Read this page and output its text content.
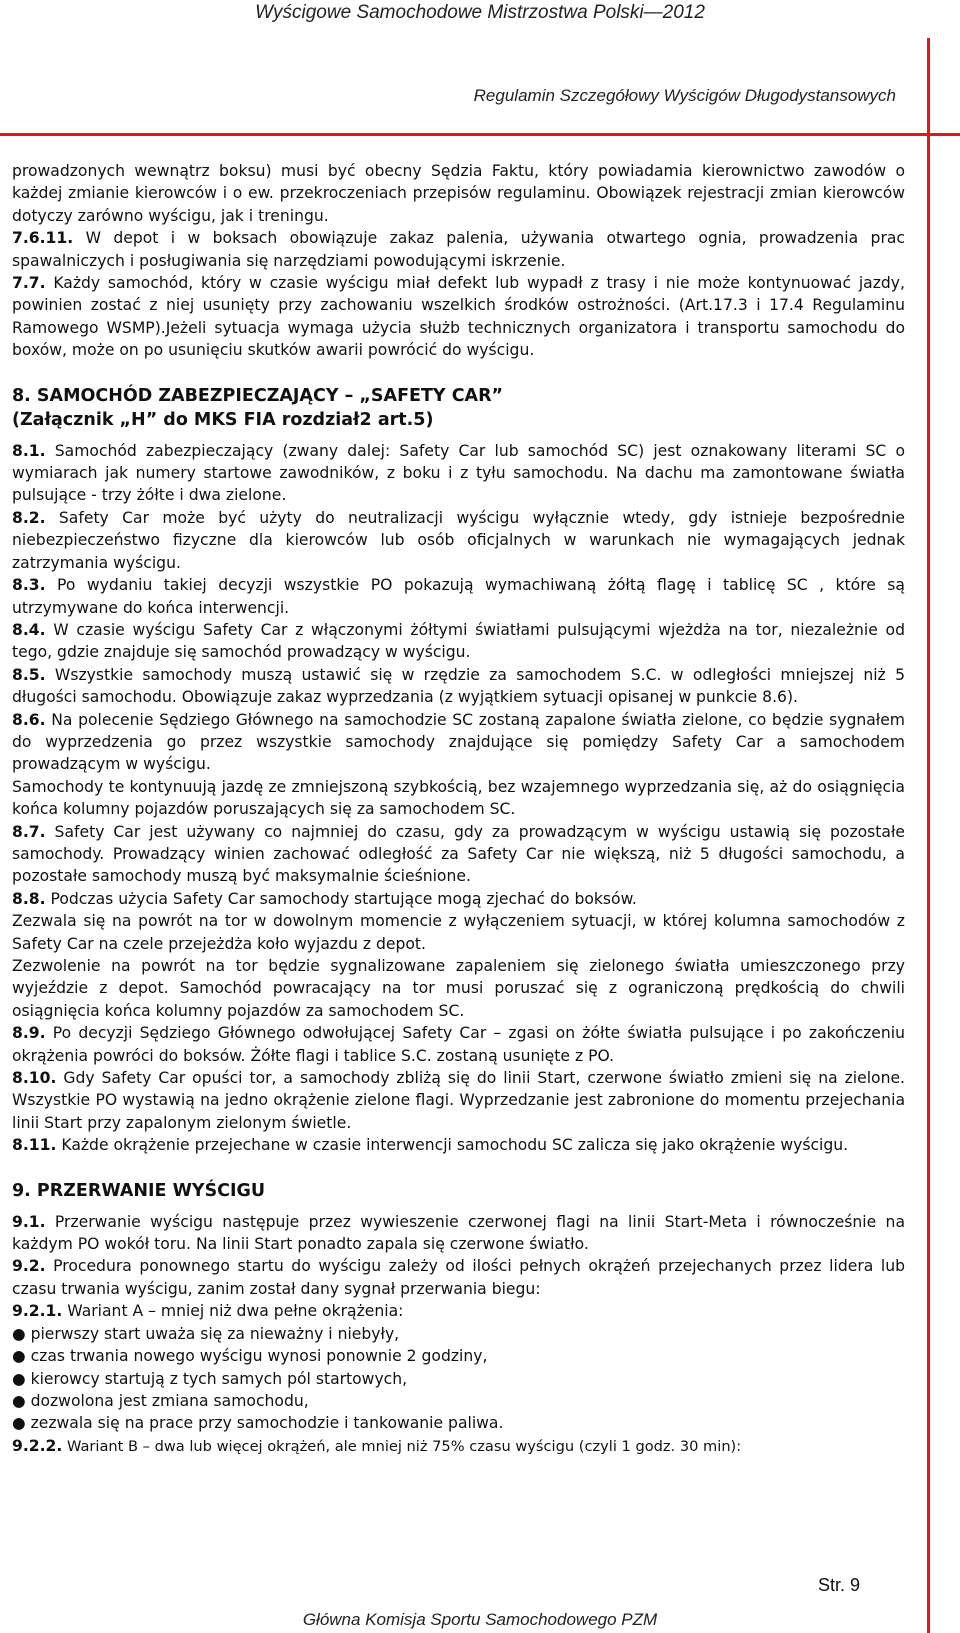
Wyścigowe Samochodowe Mistrzostwa Polski—2012
Regulamin Szczegółowy Wyścigów Długodystansowych

prowadzonych wewnątrz boksu) musi być obecny Sędzia Faktu, który powiadamia kierownictwo zawodów o każdej zmianie kierowców i o ew. przekroczeniach przepisów regulaminu. Obowiązek rejestracji zmian kierowców dotyczy zarówno wyścigu, jak i treningu.

7.6.11. W depot i w boksach obowiązuje zakaz palenia, używania otwartego ognia, prowadzenia prac spawalniczych i posługiwania się narzędziami powodującymi iskrzenie.

7.7. Każdy samochód, który w czasie wyścigu miał defekt lub wypadł z trasy i nie może kontynuować jazdy, powinien zostać z niej usunięty przy zachowaniu wszelkich środków ostrożności. (Art.17.3 i 17.4 Regulaminu Ramowego WSMP).Jeżeli sytuacja wymaga użycia służb technicznych organizatora i transportu samochodu do boxów, może on po usunięciu skutków awarii powrócić do wyścigu.

8. SAMOCHÓD ZABEZPIECZAJĄCY – „SAFETY CAR”

(Załącznik „H” do MKS FIA rozdział2 art.5)

8.1. Samochód zabezpieczający (zwany dalej: Safety Car lub samochód SC) jest oznakowany literami SC o wymiarach jak numery startowe zawodników, z boku i z tyłu samochodu. Na dachu ma zamontowane światła pulsujące - trzy żółte i dwa zielone.

8.2. Safety Car może być użyty do neutralizacji wyścigu wyłącznie wtedy, gdy istnieje bezpośrednie niebezpieczeństwo fizyczne dla kierowców lub osób oficjalnych w warunkach nie wymagających jednak zatrzymania wyścigu.

8.3. Po wydaniu takiej decyzji wszystkie PO pokazują wymachiwaną żółtą flagę i tablicę SC , które są utrzymywane do końca interwencji.

8.4. W czasie wyścigu Safety Car z włączonymi żółtymi światłami pulsującymi wjeżdża na tor, niezależnie od tego, gdzie znajduje się samochód prowadzący w wyścigu.

8.5. Wszystkie samochody muszą ustawić się w rzędzie za samochodem S.C. w odległości mniejszej niż 5 długości samochodu. Obowiązuje zakaz wyprzedzania (z wyjątkiem sytuacji opisanej w punkcie 8.6).

8.6. Na polecenie Sędziego Głównego na samochodzie SC zostaną zapalone światła zielone, co będzie sygnałem do wyprzedzenia go przez wszystkie samochody znajdujące się pomiędzy Safety Car a samochodem prowadzącym w wyścigu.

Samochody te kontynuują jazdę ze zmniejszoną szybkością, bez wzajemnego wyprzedzania się, aż do osiągnięcia końca kolumny pojazdów poruszających się za samochodem SC.

8.7. Safety Car jest używany co najmniej do czasu, gdy za prowadzącym w wyścigu ustawią się pozostałe samochody. Prowadzący winien zachować odległość za Safety Car nie większą, niż 5 długości samochodu, a pozostałe samochody muszą być maksymalnie ścieśnione.

8.8. Podczas użycia Safety Car samochody startujące mogą zjechać do boksów.

Zezwala się na powrót na tor w dowolnym momencie z wyłączeniem sytuacji, w której kolumna samochodów z Safety Car na czele przejeżdża koło wyjazdu z depot.

Zezwolenie na powrót na tor będzie sygnalizowane zapaleniem się zielonego światła umieszczonego przy wyjeździe z depot. Samochód powracający na tor musi poruszać się z ograniczoną prędkością do chwili osiągnięcia końca kolumny pojazdów za samochodem SC.

8.9. Po decyzji Sędziego Głównego odwołującej Safety Car – zgasi on żółte światła pulsujące i po zakończeniu okrążenia powróci do boksów. Żółte flagi i tablice S.C. zostaną usunięte z PO.

8.10. Gdy Safety Car opuści tor, a samochody zbliżą się do linii Start, czerwone światło zmieni się na zielone. Wszystkie PO wystawią na jedno okrążenie zielone flagi. Wyprzedzanie jest zabronione do momentu przejechania linii Start przy zapalonym zielonym świetle.

8.11. Każde okrążenie przejechane w czasie interwencji samochodu SC zalicza się jako okrążenie wyścigu.

9. PRZERWANIE WYŚCIGU

9.1. Przerwanie wyścigu następuje przez wywieszenie czerwonej flagi na linii Start-Meta i równocześnie na każdym PO wokół toru. Na linii Start ponadto zapala się czerwone światło.

9.2. Procedura ponownego startu do wyścigu zależy od ilości pełnych okrążeń przejechanych przez lidera lub czasu trwania wyścigu, zanim został dany sygnał przerwania biegu:

9.2.1. Wariant A – mniej niż dwa pełne okrążenia:

● pierwszy start uważa się za nieważny i niebyły,

● czas trwania nowego wyścigu wynosi ponownie 2 godziny,

● kierowcy startują z tych samych pól startowych,

● dozwolona jest zmiana samochodu,

● zezwala się na prace przy samochodzie i tankowanie paliwa.

9.2.2. Wariant B – dwa lub więcej okrążeń, ale mniej niż 75% czasu wyścigu (czyli 1 godz. 30 min):

Str. 9
Główna Komisja Sportu Samochodowego PZM
